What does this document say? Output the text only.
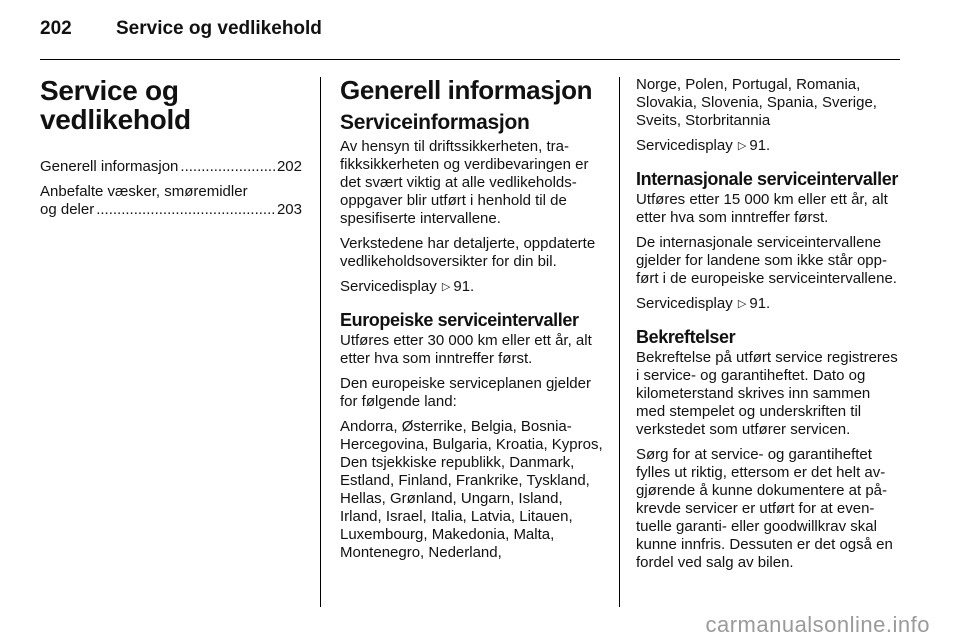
202 Service og vedlikehold
Service og
vedlikehold
Generell informasjon .....	202
Anbefalte væsker, smøremidler
og deler .....	203
Generell informasjon
Serviceinformasjon

Av hensyn til driftssikkerheten, trafikksikkerheten og verdibevaringen er det svært viktig at alle vedlikeholdsoppgaver blir utført i henhold til de spesifiserte intervallene.

Verkstedene har detaljerte, oppdaterte vedlikeholdsoversikter for din bil.

Servicedisplay ▷ 91.

Europeiske serviceintervaller

Utføres etter 30 000 km eller ett år, alt etter hva som inntreffer først.

Den europeiske serviceplanen gjelder for følgende land:

Andorra, Østerrike, Belgia, Bosnia-Hercegovina, Bulgaria, Kroatia, Kypros, Den tsjekkiske republikk, Danmark, Estland, Finland, Frankrike, Tyskland, Hellas, Grønland, Ungarn, Island, Irland, Israel, Italia, Latvia, Litauen, Luxembourg, Makedonia, Malta, Montenegro, Nederland,

Norge, Polen, Portugal, Romania, Slovakia, Slovenia, Spania, Sverige, Sveits, Storbritannia

Servicedisplay ▷ 91.

Internasjonale serviceintervaller

Utføres etter 15 000 km eller ett år, alt etter hva som inntreffer først.

De internasjonale serviceintervallene gjelder for landene som ikke står oppført i de europeiske serviceintervallene.

Servicedisplay ▷ 91.

Bekreftelser

Bekreftelse på utført service registreres i service- og garantiheftet. Dato og kilometerstand skrives inn sammen med stempelet og underskriften til verkstedet som utfører servicen.

Sørg for at service- og garantiheftet fylles ut riktig, ettersom er det helt avgjørende å kunne dokumentere at påkrevde servicer er utført for at eventuelle garanti- eller goodwillkrav skal kunne innfris. Dessuten er det også en fordel ved salg av bilen.

carmanualsonline.info
